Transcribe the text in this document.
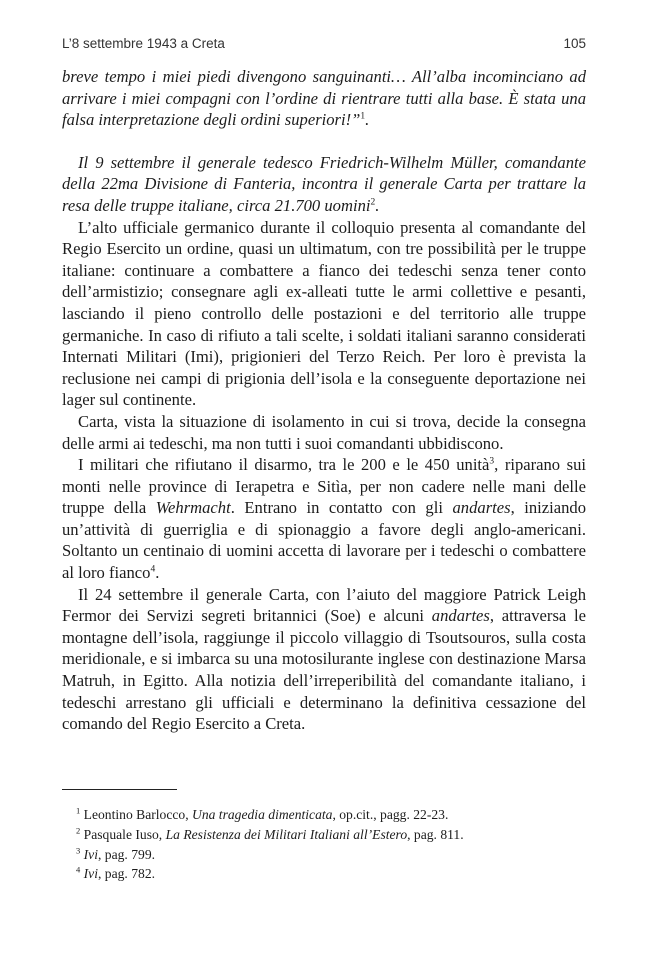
L’8 settembre 1943 a Creta	105

breve tempo i miei piedi divengono sanguinanti… All’alba incominciano ad arrivare i miei compagni con l’ordine di rientrare tutti alla base. È stata una falsa interpretazione degli ordini superiori!”$^1$.

Il 9 settembre il generale tedesco Friedrich-Wilhelm Müller, comandante della 22ma Divisione di Fanteria, incontra il generale Carta per trattare la resa delle truppe italiane, circa 21.700 uomini$^2$.

L’alto ufficiale germanico durante il colloquio presenta al comandante del Regio Esercito un ordine, quasi un ultimatum, con tre possibilità per le truppe italiane: continuare a combattere a fianco dei tedeschi senza tener conto dell’armistizio; consegnare agli ex-alleati tutte le armi collettive e pesanti, lasciando il pieno controllo delle postazioni e del territorio alle truppe germaniche. In caso di rifiuto a tali scelte, i soldati italiani saranno considerati Internati Militari (Imi), prigionieri del Terzo Reich. Per loro è prevista la reclusione nei campi di prigionia dell’isola e la conseguente deportazione nei lager sul continente.

Carta, vista la situazione di isolamento in cui si trova, decide la consegna delle armi ai tedeschi, ma non tutti i suoi comandanti ubbidiscono.

I militari che rifiutano il disarmo, tra le 200 e le 450 unità$^3$, riparano sui monti nelle province di Ierapetra e Sitìa, per non cadere nelle mani delle truppe della Wehrmacht. Entrano in contatto con gli andartes, iniziando un’attività di guerriglia e di spionaggio a favore degli anglo-americani. Soltanto un centinaio di uomini accetta di lavorare per i tedeschi o combattere al loro fianco$^4$.

Il 24 settembre il generale Carta, con l’aiuto del maggiore Patrick Leigh Fermor dei Servizi segreti britannici (Soe) e alcuni andartes, attraversa le montagne dell’isola, raggiunge il piccolo villaggio di Tsoutsouros, sulla costa meridionale, e si imbarca su una motosilurante inglese con destinazione Marsa Matruh, in Egitto. Alla notizia dell’irreperibilità del comandante italiano, i tedeschi arrestano gli ufficiali e determinano la definitiva cessazione del comando del Regio Esercito a Creta.

$^1$ Leontino Barlocco, Una tragedia dimenticata, op.cit., pagg. 22-23.

$^2$ Pasquale Iuso, La Resistenza dei Militari Italiani all’Estero, pag. 811.

$^3$ Ivi, pag. 799.

$^4$ Ivi, pag. 782.
